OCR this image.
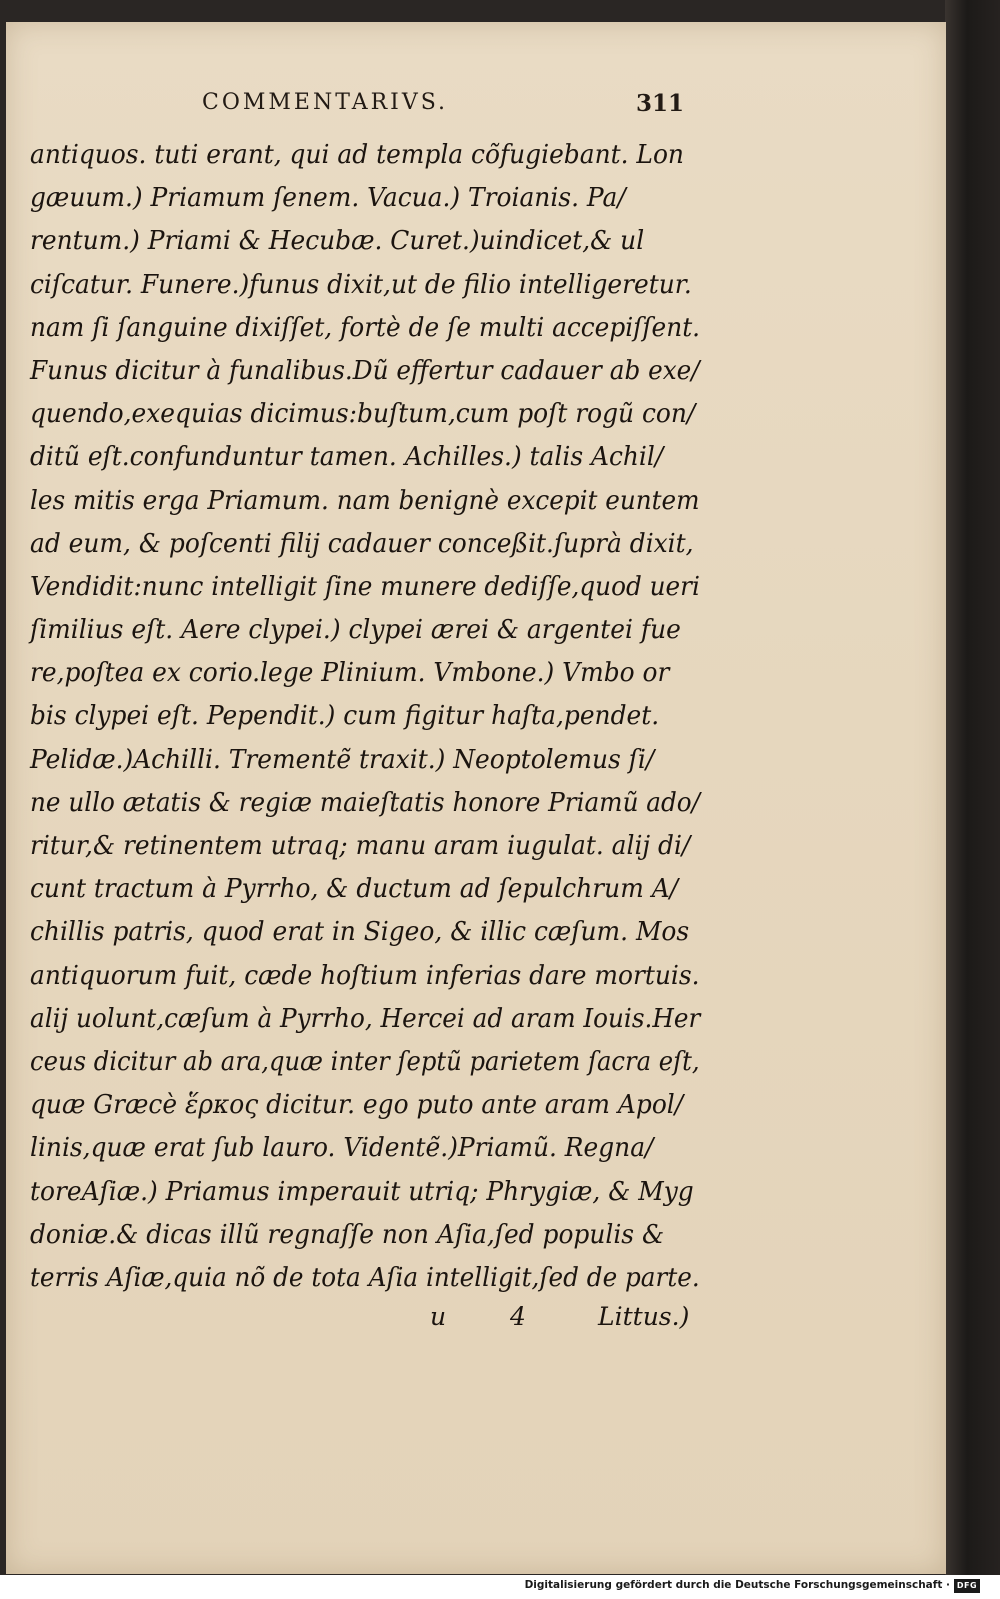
COMMENTARIVS.	311
antiquos. tuti erant, qui ad templa cõfugiebant. Lon
gæuum.) Priamum ſenem. Vacua.) Troianis. Pa/
rentum.) Priami & Hecubæ. Curet.)uindicet,& ul
ciſcatur. Funere.)funus dixit,ut de filio intelligeretur.
nam ſi ſanguine dixiſſet, fortè de ſe multi accepiſſent.
Funus dicitur à funalibus.Dũ effertur cadauer ab exe/
quendo,exequias dicimus:buſtum,cum poſt rogũ con/
ditũ eſt.confunduntur tamen. Achilles.) talis Achil/
les mitis erga Priamum. nam benignè excepit euntem
ad eum, & poſcenti filij cadauer conceßit.ſuprà dixit,
Vendidit:nunc intelligit ſine munere dediſſe,quod ueri
ſimilius eſt. Aere clypei.) clypei ærei & argentei fue
re,poſtea ex corio.lege Plinium. Vmbone.) Vmbo or
bis clypei eſt. Pependit.) cum figitur haſta,pendet.
Pelidæ.)Achilli. Trementẽ traxit.) Neoptolemus ſi/
ne ullo ætatis & regiæ maieſtatis honore Priamũ ado/
ritur,& retinentem utraq; manu aram iugulat. alij di/
cunt tractum à Pyrrho, & ductum ad ſepulchrum A/
chillis patris, quod erat in Sigeo, & illic cæſum. Mos
antiquorum fuit, cæde hoſtium inferias dare mortuis.
alij uolunt,cæſum à Pyrrho, Hercei ad aram Iouis.Her
ceus dicitur ab ara,quæ inter ſeptũ parietem ſacra eſt,
quæ Græcè ἕρκος dicitur. ego puto ante aram Apol/
linis,quæ erat ſub lauro. Videntẽ.)Priamũ. Regna/
toreAſiæ.) Priamus imperauit utriq; Phrygiæ, & Myg
doniæ.& dicas illũ regnaſſe non Aſia,ſed populis &
terris Aſiæ,quia nõ de tota Aſia intelligit,ſed de parte.
u 4 Littus.)
Digitalisierung gefördert durch die Deutsche Forschungsgemeinschaft · DFG
